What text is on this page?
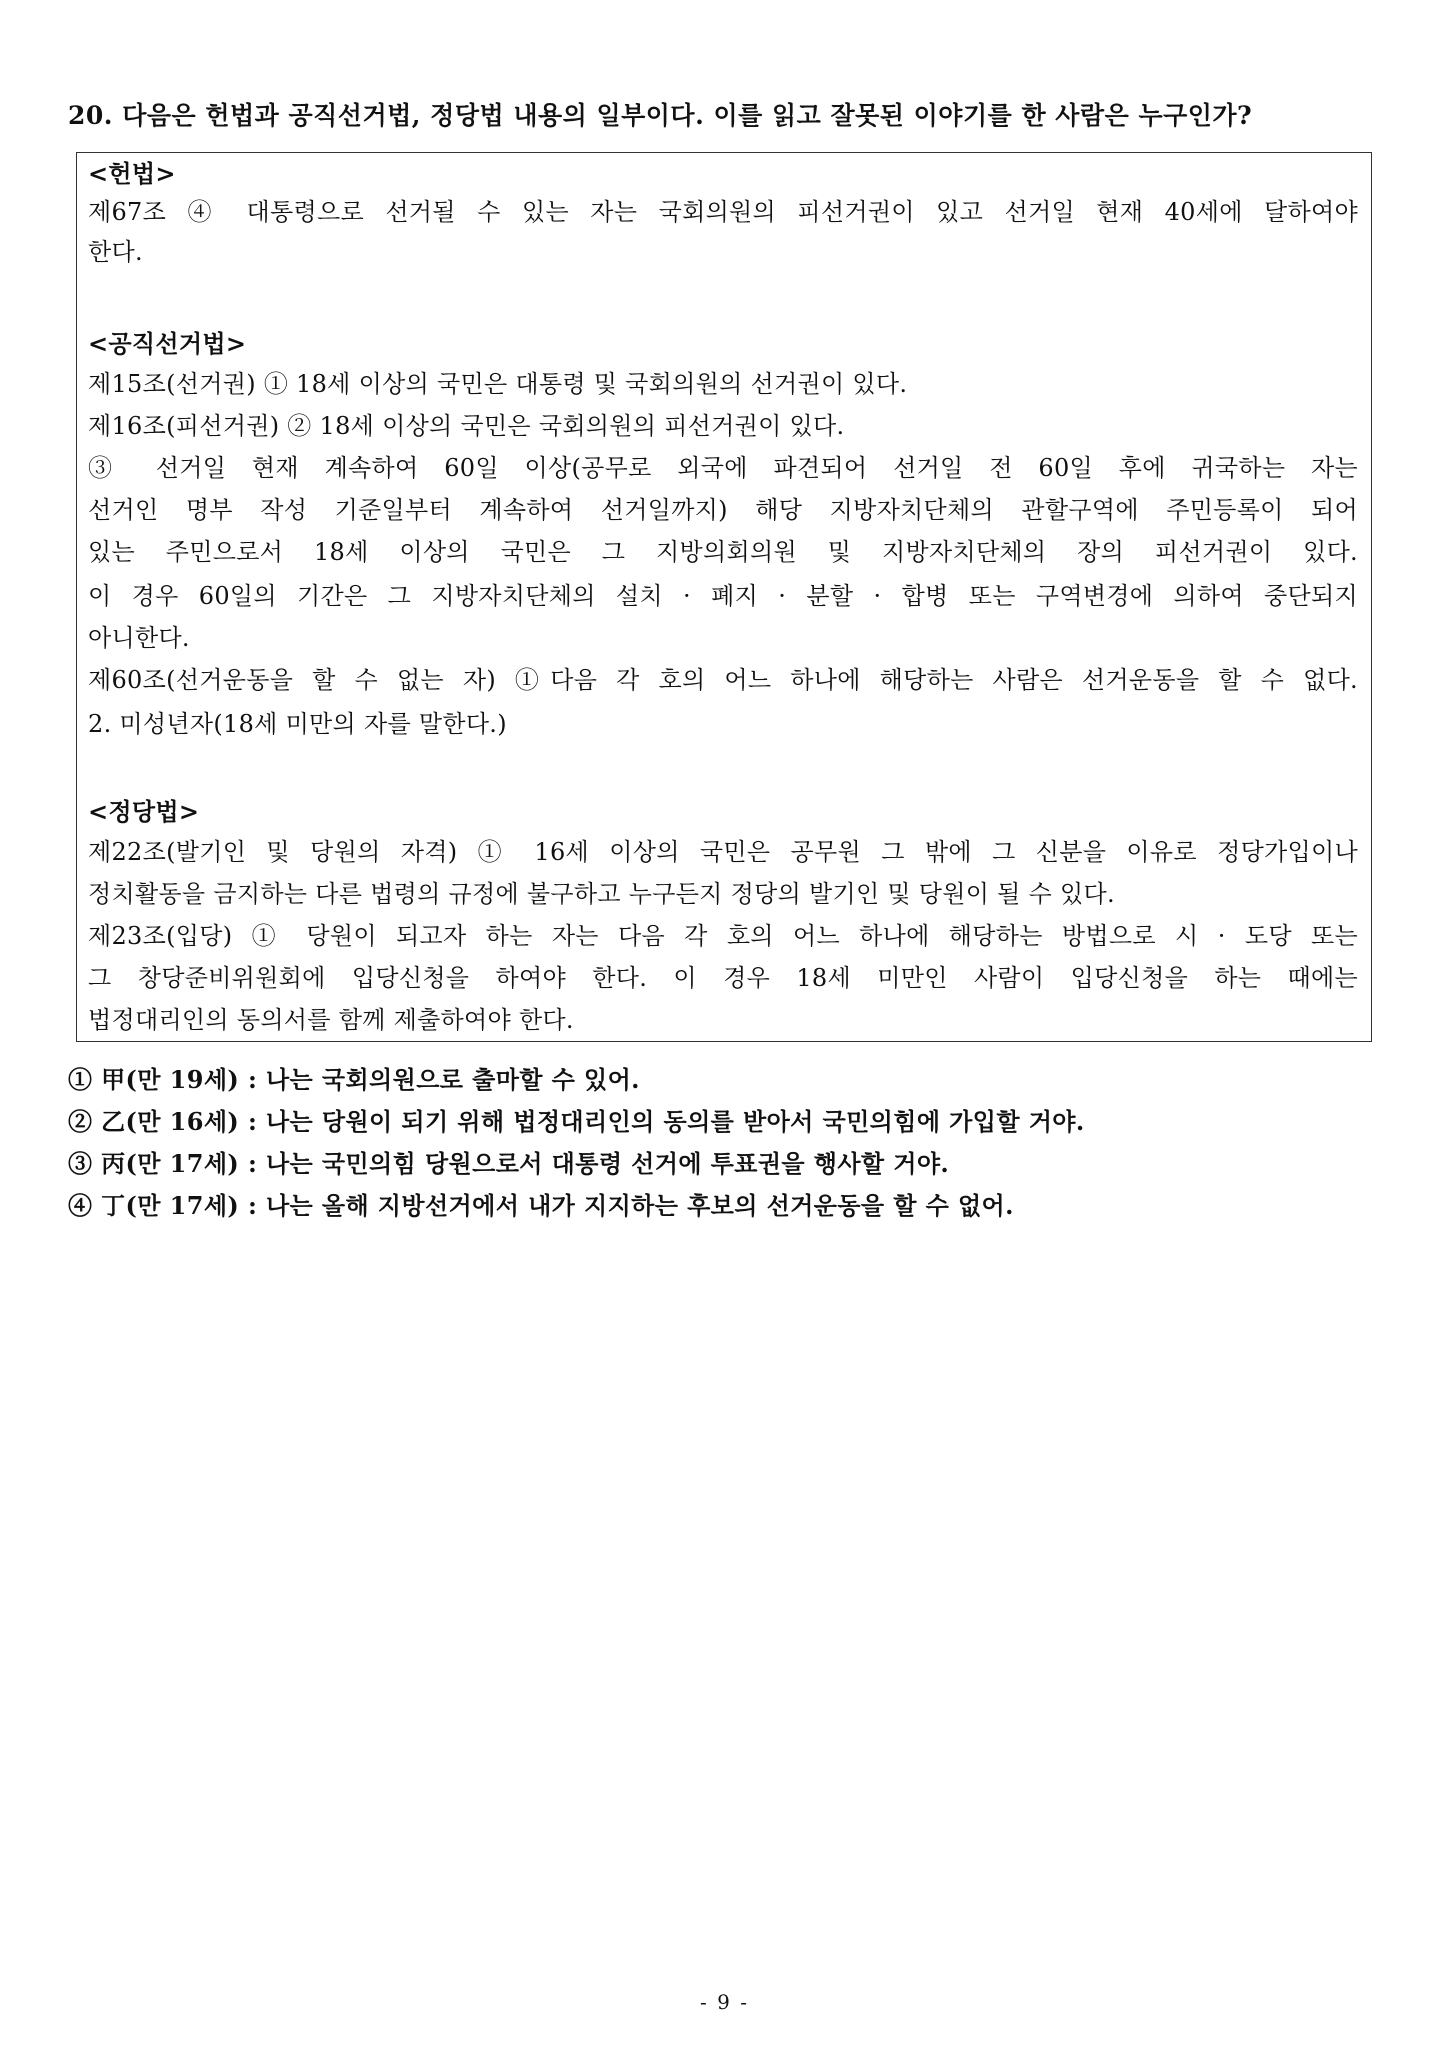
20. 다음은 헌법과 공직선거법, 정당법 내용의 일부이다. 이를 읽고 잘못된 이야기를 한 사람은 누구인가?
<헌법>
제67조 ④ 대통령으로 선거될 수 있는 자는 국회의원의 피선거권이 있고 선거일 현재 40세에 달하여야
한다.
<공직선거법>
제15조(선거권) ① 18세 이상의 국민은 대통령 및 국회의원의 선거권이 있다.
제16조(피선거권) ② 18세 이상의 국민은 국회의원의 피선거권이 있다.
③ 선거일 현재 계속하여 60일 이상(공무로 외국에 파견되어 선거일 전 60일 후에 귀국하는 자는
선거인 명부 작성 기준일부터 계속하여 선거일까지) 해당 지방자치단체의 관할구역에 주민등록이 되어
있는 주민으로서 18세 이상의 국민은 그 지방의회의원 및 지방자치단체의 장의 피선거권이 있다.
이 경우 60일의 기간은 그 지방자치단체의 설치 · 폐지 · 분할 · 합병 또는 구역변경에 의하여 중단되지
아니한다.
제60조(선거운동을 할 수 없는 자) ①다음 각 호의 어느 하나에 해당하는 사람은 선거운동을 할 수 없다.
2. 미성년자(18세 미만의 자를 말한다.)
<정당법>
제22조(발기인 및 당원의 자격) ① 16세 이상의 국민은 공무원 그 밖에 그 신분을 이유로 정당가입이나
정치활동을 금지하는 다른 법령의 규정에 불구하고 누구든지 정당의 발기인 및 당원이 될 수 있다.
제23조(입당) ① 당원이 되고자 하는 자는 다음 각 호의 어느 하나에 해당하는 방법으로 시 · 도당 또는
그 창당준비위원회에 입당신청을 하여야 한다. 이 경우 18세 미만인 사람이 입당신청을 하는 때에는
법정대리인의 동의서를 함께 제출하여야 한다.
① 甲(만 19세) : 나는 국회의원으로 출마할 수 있어.
② 乙(만 16세) : 나는 당원이 되기 위해 법정대리인의 동의를 받아서 국민의힘에 가입할 거야.
③ 丙(만 17세) : 나는 국민의힘 당원으로서 대통령 선거에 투표권을 행사할 거야.
④ 丁(만 17세) : 나는 올해 지방선거에서 내가 지지하는 후보의 선거운동을 할 수 없어.
- 9 -
